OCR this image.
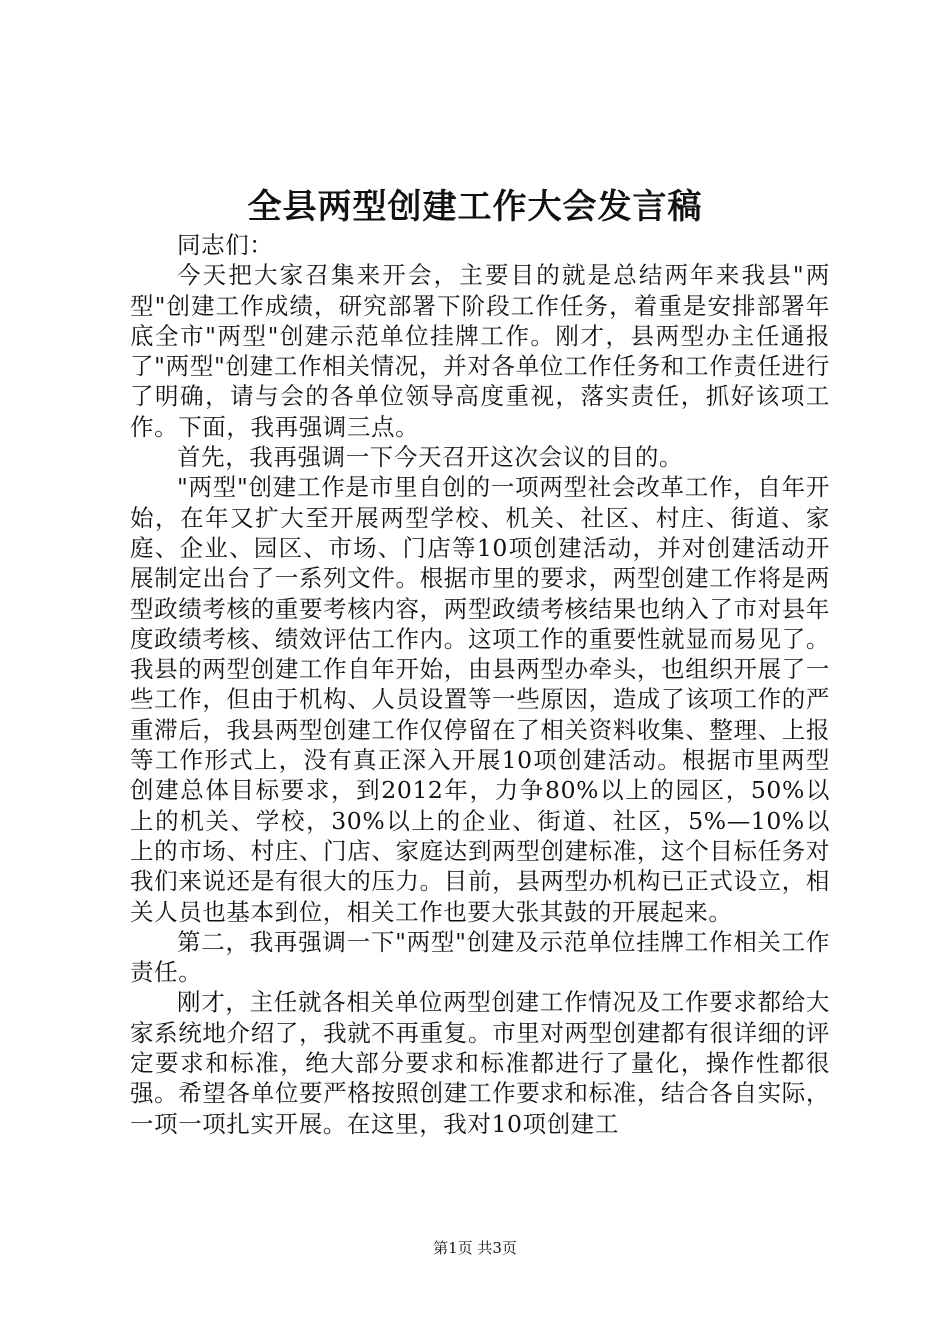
全县两型创建工作大会发言稿

同志们：

今天把大家召集来开会，主要目的就是总结两年来我县"两型"创建工作成绩，研究部署下阶段工作任务，着重是安排部署年底全市"两型"创建示范单位挂牌工作。刚才，县两型办主任通报了"两型"创建工作相关情况，并对各单位工作任务和工作责任进行了明确，请与会的各单位领导高度重视，落实责任，抓好该项工作。下面，我再强调三点。

首先，我再强调一下今天召开这次会议的目的。

"两型"创建工作是市里自创的一项两型社会改革工作，自年开始，在年又扩大至开展两型学校、机关、社区、村庄、街道、家庭、企业、园区、市场、门店等10项创建活动，并对创建活动开展制定出台了一系列文件。根据市里的要求，两型创建工作将是两型政绩考核的重要考核内容，两型政绩考核结果也纳入了市对县年度政绩考核、绩效评估工作内。这项工作的重要性就显而易见了。我县的两型创建工作自年开始，由县两型办牵头，也组织开展了一些工作，但由于机构、人员设置等一些原因，造成了该项工作的严重滞后，我县两型创建工作仅停留在了相关资料收集、整理、上报等工作形式上，没有真正深入开展10项创建活动。根据市里两型创建总体目标要求，到2012年，力争80%以上的园区，50%以上的机关、学校，30%以上的企业、街道、社区，5%—10%以上的市场、村庄、门店、家庭达到两型创建标准，这个目标任务对我们来说还是有很大的压力。目前，县两型办机构已正式设立，相关人员也基本到位，相关工作也要大张其鼓的开展起来。

第二，我再强调一下"两型"创建及示范单位挂牌工作相关工作责任。

刚才，主任就各相关单位两型创建工作情况及工作要求都给大家系统地介绍了，我就不再重复。市里对两型创建都有很详细的评定要求和标准，绝大部分要求和标准都进行了量化，操作性都很强。希望各单位要严格按照创建工作要求和标准，结合各自实际，一项一项扎实开展。在这里，我对10项创建工

第1页 共3页
